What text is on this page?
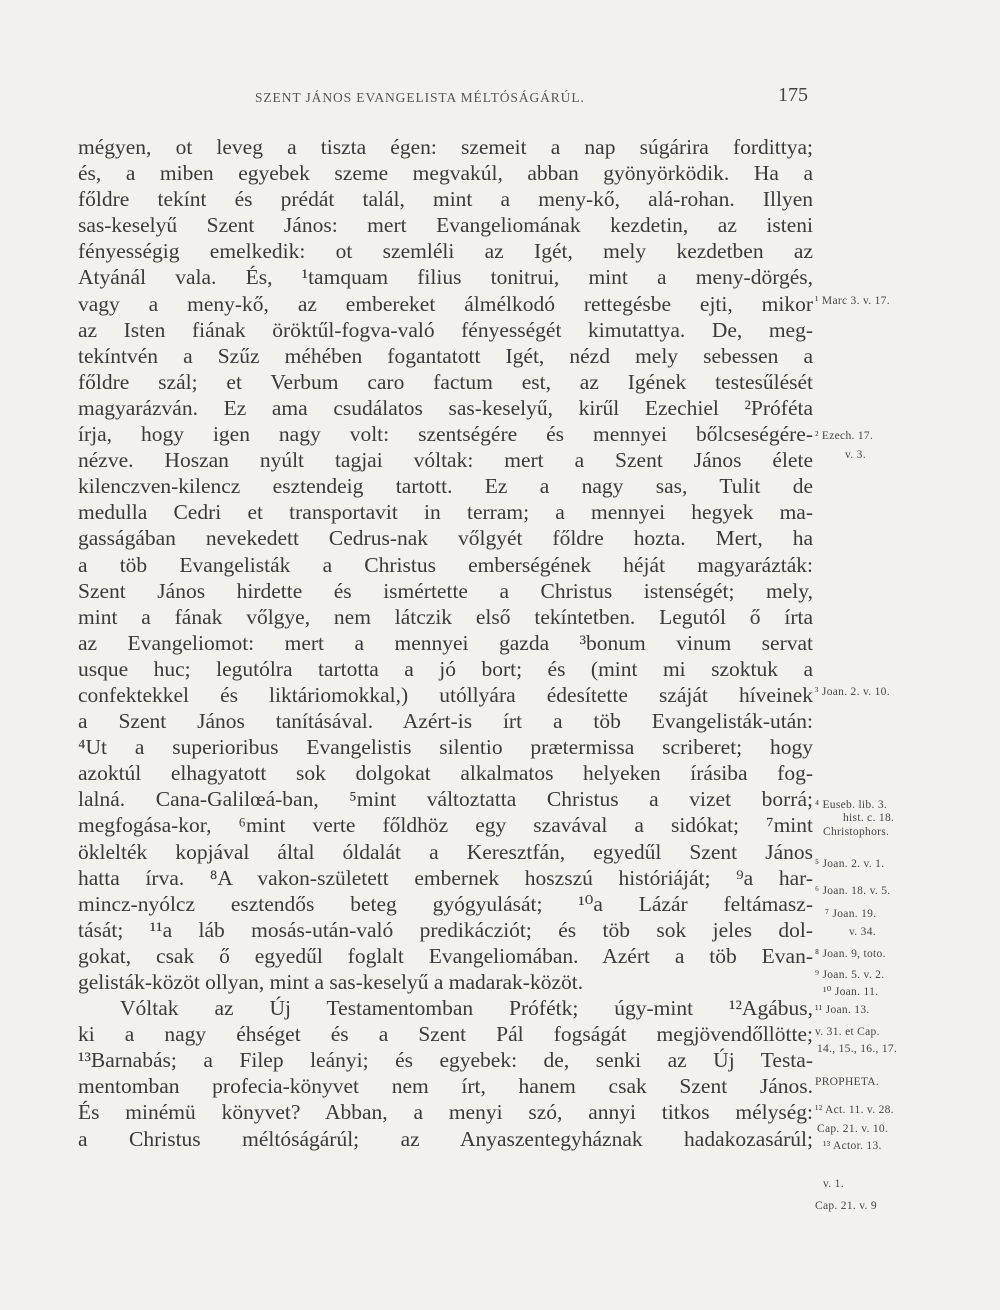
SZENT JÁNOS EVANGELISTA MÉLTÓSÁGÁRÚL.	175
mégyen, ot leveg a tiszta égen: szemeit a nap súgárira fordittya;
és, a miben egyebek szeme megvakúl, abban gyönyörködik. Ha a
főldre tekínt és prédát talál, mint a meny-kő, alá-rohan. Illyen
sas-keselyű Szent János: mert Evangeliomának kezdetin, az isteni
fényességig emelkedik: ot szemléli az Igét, mely kezdetben az
Atyánál vala. És, ¹tamquam filius tonitrui, mint a meny-dörgés,
vagy a meny-kő, az embereket álmélkodó rettegésbe ejti, mikor
az Isten fiának öröktűl-fogva-való fényességét kimutattya. De, meg-
tekíntvén a Szűz méhében fogantatott Igét, nézd mely sebessen a
főldre szál; et Verbum caro factum est, az Igének testesűlését
magyarázván. Ez ama csudálatos sas-keselyű, kirűl Ezechiel ²Prófétа
írja, hogy igen nagy volt: szentségére és mennyei bőlcseségére-
nézve. Hoszan nyúlt tagjai vóltak: mert a Szent János élete
kilenczven-kilencz esztendeig tartott. Ez a nagy sas, Tulit de
medulla Cedri et transportavit in terram; a mennyei hegyek ma-
gasságában nevekedett Cedrus-nak vőlgyét főldre hozta. Mert, ha
a töb Evangelisták a Christus emberségének héját magyarázták:
Szent János hirdette és ismértette a Christus istenségét; mely,
mint a fának vőlgye, nem látczik első tekíntetben. Legutól ő írta
az Evangeliomot: mert a mennyei gazda ³bonum vinum servat
usque huc; legutólra tartotta a jó bort; és (mint mi szoktuk a
confektekkel és liktáriomokkal,) utóllyára édesítette száját híveinek
a Szent János tanításával. Azért-is írt a töb Evangelisták-után:
⁴Ut a superioribus Evangelistis silentio prætermissa scriberet; hogy
azoktúl elhagyatott sok dolgokat alkalmatos helyeken írásiba fog-
lalná. Cana-Galilœá-ban, ⁵mint változtatta Christus a vizet borrá;
megfogása-kor, ⁶mint verte főldhöz egy szavával a sidókat; ⁷mint
öklelték kopjával által óldalát a Keresztfán, egyedűl Szent János
hatta írva. ⁸A vakon-született embernek hoszszú históriáját; ⁹a har-
mincz-nyólcz esztendős beteg gyógyulását; ¹⁰a Lázár feltámasz-
tását; ¹¹a láb mosás-után-való predikácziót; és töb sok jeles dol-
gokat, csak ő egyedűl foglalt Evangeliomában. Azért a töb Evan-
gelisták-közöt ollyan, mint a sas-keselyű a madarak-közöt.
Vóltak az Új Testamentomban Prófétk; úgy-mint ¹²Agábus,
ki a nagy éhséget és a Szent Pál fogságát megjövendőllötte;
¹³Barnabás; a Filep leányi; és egyebek: de, senki az Új Testa-
mentomban profecia-könyvet nem írt, hanem csak Szent János.
És minémü könyvet? Abban, a menyi szó, annyi titkos mélység:
a Christus méltóságárúl; az Anyaszentegyháznak hadakozasárúl;
¹ Marc 3. v. 17.
² Ezech. 17.
v. 3.
³ Joan. 2. v. 10.
⁴ Euseb. lib. 3.
hist. c. 18.
Christophors.
⁵ Joan. 2. v. 1.
⁶ Joan. 18. v. 5.
⁷ Joan. 19.
v. 34.
⁸ Joan. 9, toto.
⁹ Joan. 5. v. 2.
¹⁰ Joan. 11.
¹¹ Joan. 13.
v. 31. et Cap.
14., 15., 16., 17.
PROPHETA.
¹² Act. 11. v. 28.
Cap. 21. v. 10.
¹³ Actor. 13.
v. 1.
Cap. 21. v. 9
